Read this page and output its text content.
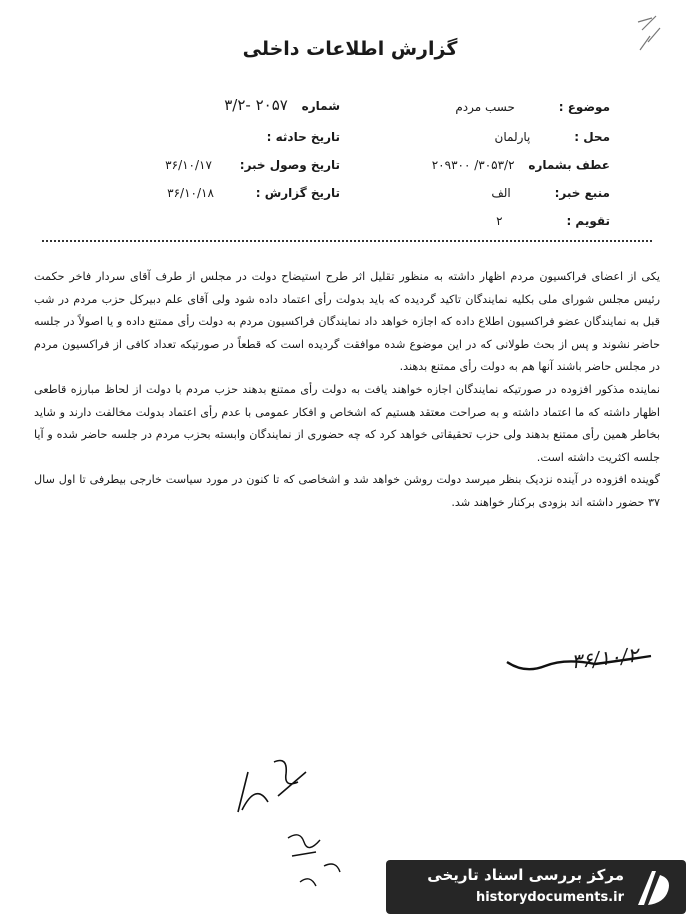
گزارش اطلاعات داخلی
موضوع : حسب مردم
محل : پارلمان
عطف بشماره ۳۰۵۳/۲/ ۲۰۹۳۰۰
منبع خبر: الف
تقویم : ۲
شماره ۲۰۵۷ -۳/۲
تاریخ حادثه :
تاریخ وصول خبر: ۳۶/۱۰/۱۷
تاریخ گزارش : ۳۶/۱۰/۱۸

یکی از اعضای فراکسیون مردم اظهار داشته به منظور تقلیل اثر طرح استیضاح دولت در مجلس از طرف آقای سردار فاخر حکمت رئیس مجلس شورای ملی بکلیه نمایندگان تاکید گردیده که باید بدولت رأی اعتماد داده شود ولی آقای علم دبیرکل حزب مردم در شب قبل به نمایندگان عضو فراکسیون اطلاع داده که اجازه خواهد داد نمایندگان فراکسیون مردم به دولت رأی ممتنع داده و یا اصولاً در جلسه حاضر نشوند و پس از بحث طولانی که در این موضوع شده موافقت گردیده است که قطعاً در صورتیکه تعداد کافی از فراکسیون مردم در مجلس حاضر باشند آنها هم به دولت رأی ممتنع بدهند.

نماینده مذکور افزوده در صورتیکه نمایندگان اجازه خواهند یافت به دولت رأی ممتنع بدهند حزب مردم با دولت از لحاظ مبارزه قاطعی اظهار داشته که ما اعتماد داشته و به صراحت معتقد هستیم که اشخاص و افکار عمومی با عدم رأی اعتماد بدولت مخالفت دارند و شاید بخاطر همین رأی ممتنع بدهند ولی حزب تحقیقاتی خواهد کرد که چه حضوری از نمایندگان وابسته بحزب مردم در جلسه حاضر شده و آیا جلسه اکثریت داشته است.

گوینده افزوده در آینده نزدیک بنظر میرسد دولت روشن خواهد شد و اشخاصی که تا کنون در مورد سیاست خارجی بیطرفی تا اول سال ۳۷ حضور داشته اند بزودی برکنار خواهند شد.

۳۶/۱۰/۲
مرکز بررسی اسناد تاریخی
historydocuments.ir
